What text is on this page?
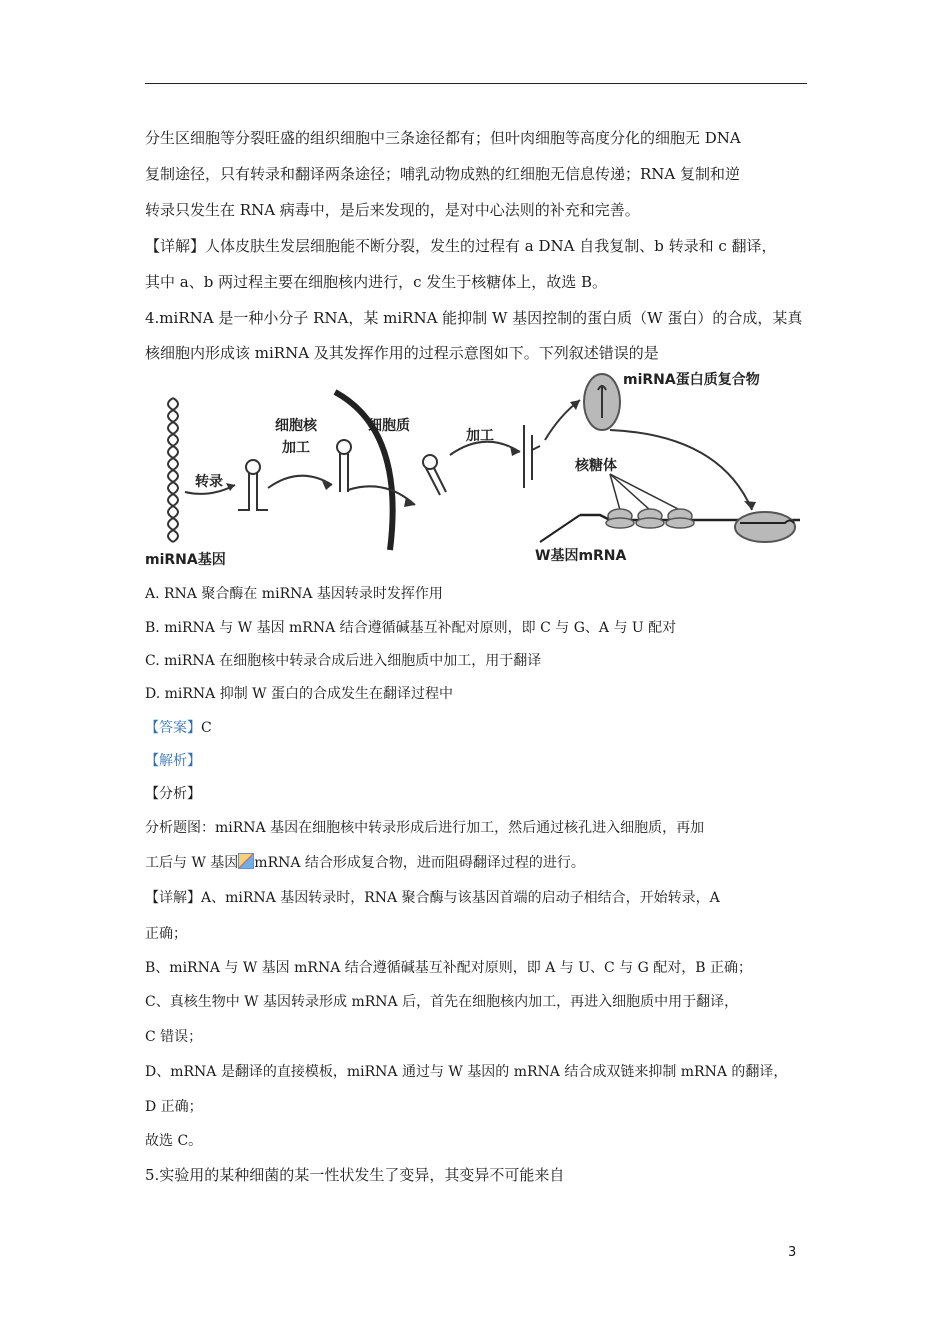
分生区细胞等分裂旺盛的组织细胞中三条途径都有；但叶肉细胞等高度分化的细胞无 DNA
复制途径，只有转录和翻译两条途径；哺乳动物成熟的红细胞无信息传递；RNA 复制和逆
转录只发生在 RNA 病毒中，是后来发现的，是对中心法则的补充和完善。
【详解】人体皮肤生发层细胞能不断分裂，发生的过程有 a DNA 自我复制、b 转录和 c 翻译，
其中 a、b 两过程主要在细胞核内进行，c 发生于核糖体上，故选 B。
4.miRNA 是一种小分子 RNA，某 miRNA 能抑制 W 基因控制的蛋白质（W 蛋白）的合成，某真
核细胞内形成该 miRNA 及其发挥作用的过程示意图如下。下列叙述错误的是
miRNA基因
转录
加工
细胞核	细胞质
加工
miRNA蛋白质复合物
核糖体
W基因mRNA
A. RNA 聚合酶在 miRNA 基因转录时发挥作用
B. miRNA 与 W 基因 mRNA 结合遵循碱基互补配对原则，即 C 与 G、A 与 U 配对
C. miRNA 在细胞核中转录合成后进入细胞质中加工，用于翻译
D. miRNA 抑制 W 蛋白的合成发生在翻译过程中
【答案】C
【解析】
【分析】
分析题图：miRNA 基因在细胞核中转录形成后进行加工，然后通过核孔进入细胞质，再加
工后与 W 基因 mRNA 结合形成复合物，进而阻碍翻译过程的进行。
【详解】A、miRNA 基因转录时，RNA 聚合酶与该基因首端的启动子相结合，开始转录，A
正确；
B、miRNA 与 W 基因 mRNA 结合遵循碱基互补配对原则，即 A 与 U、C 与 G 配对，B 正确；
C、真核生物中 W 基因转录形成 mRNA 后，首先在细胞核内加工，再进入细胞质中用于翻译，
C 错误；
D、mRNA 是翻译的直接模板，miRNA 通过与 W 基因的 mRNA 结合成双链来抑制 mRNA 的翻译，
D 正确；
故选 C。
5.实验用的某种细菌的某一性状发生了变异，其变异不可能来自
3
